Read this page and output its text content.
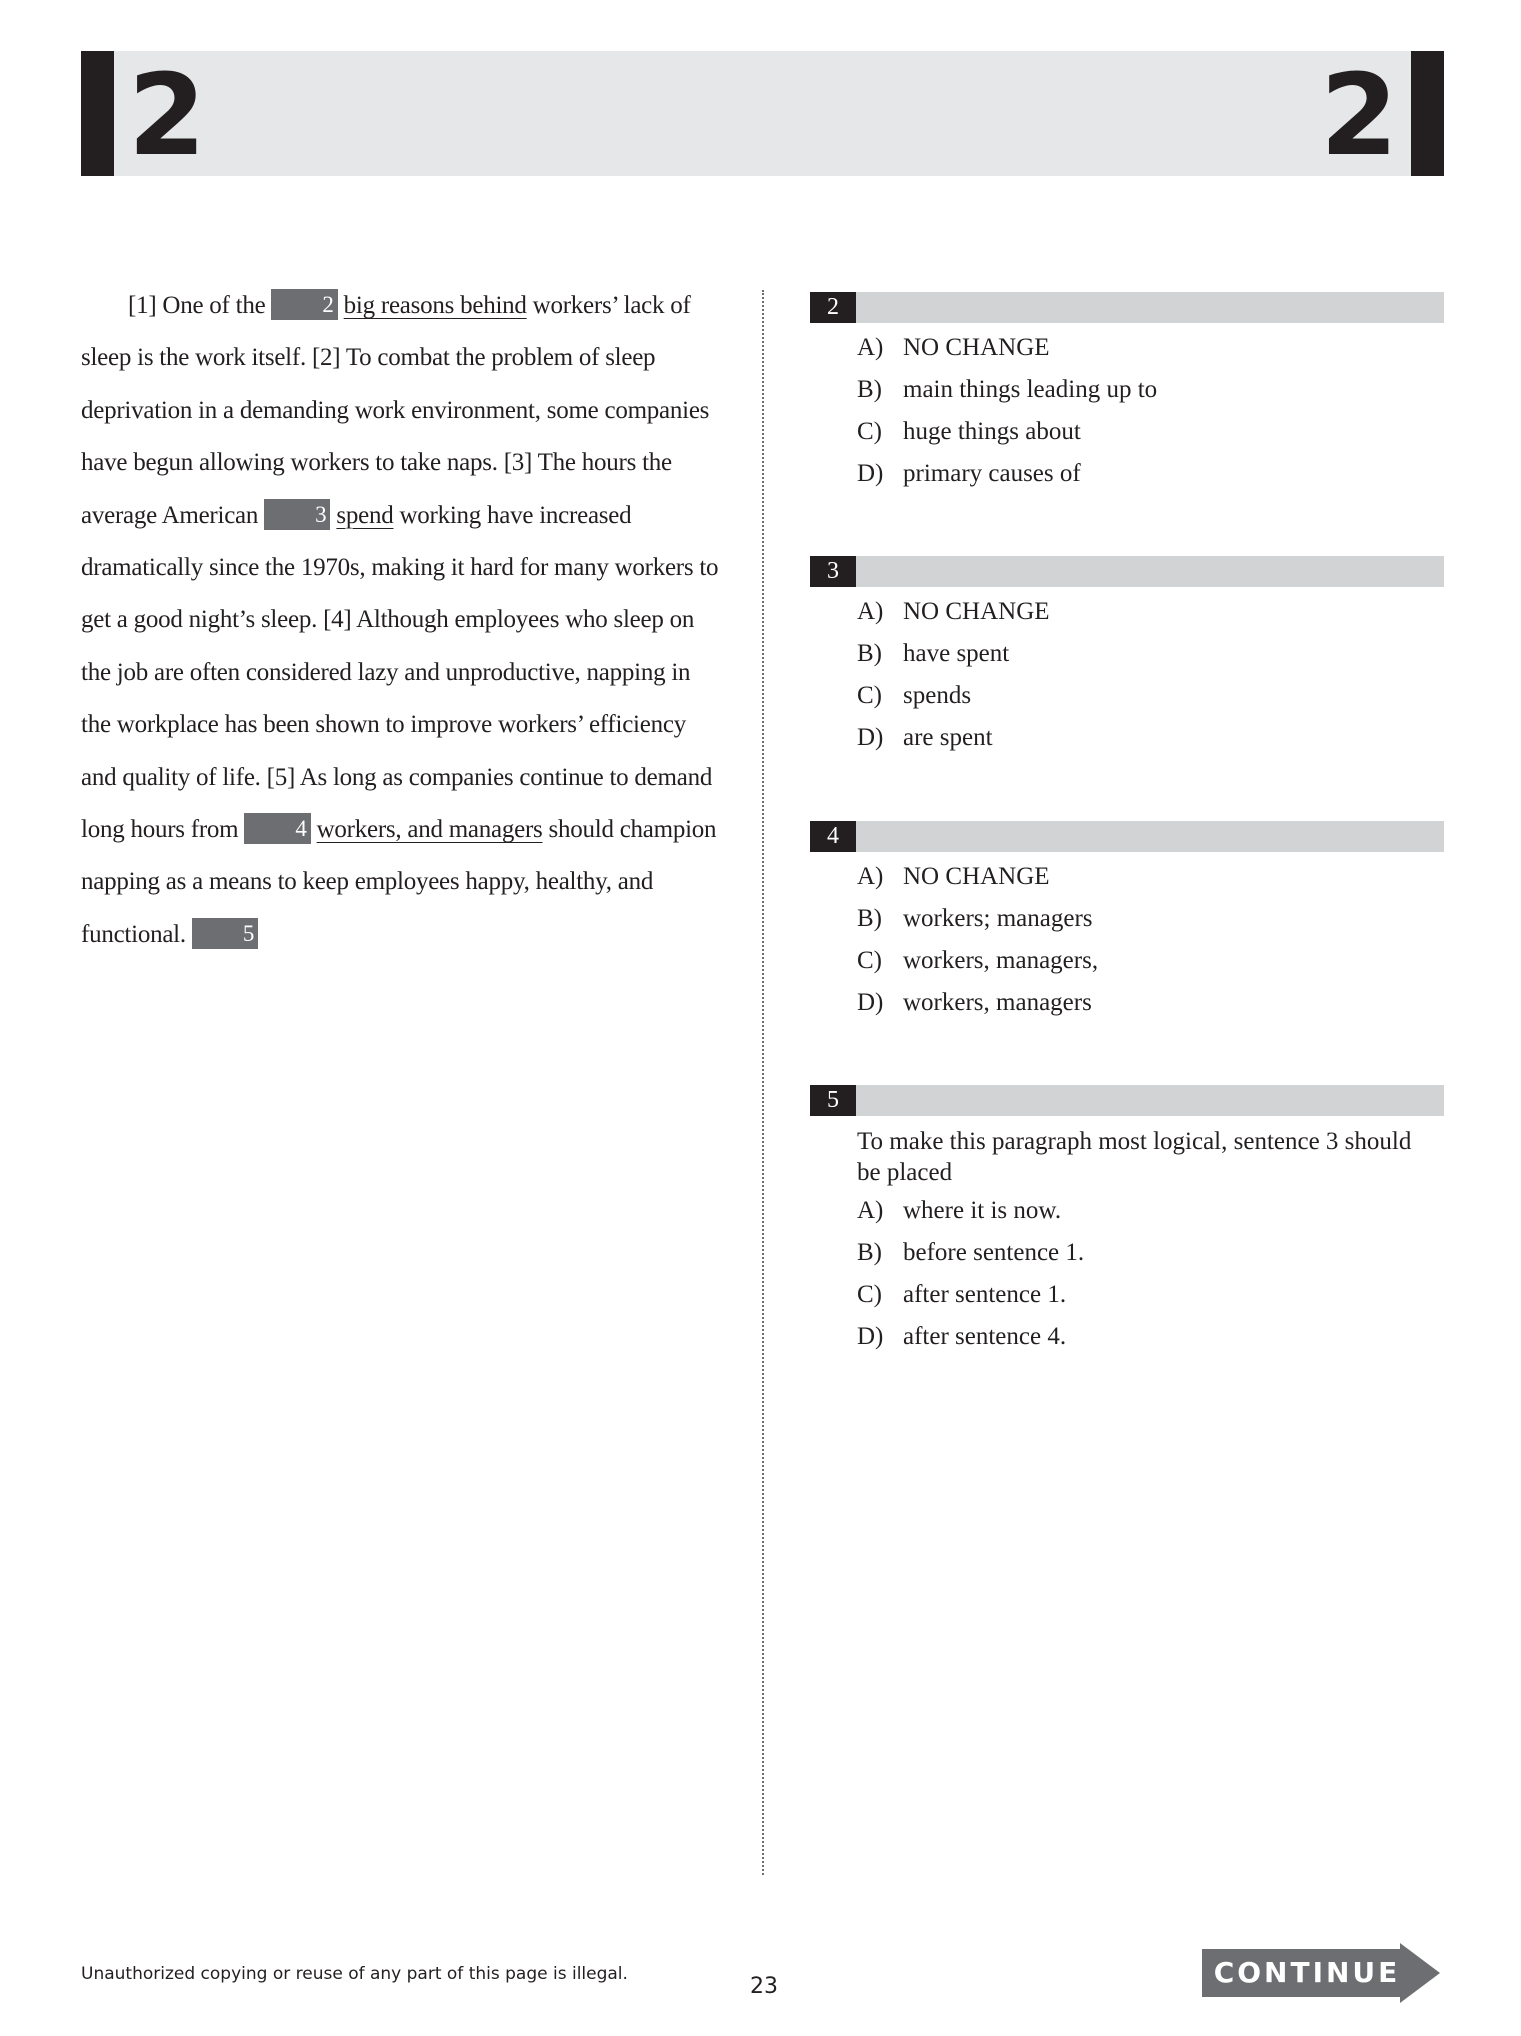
2	2

[1] One of the 2 big reasons behind workers’ lack of sleep is the work itself. [2] To combat the problem of sleep deprivation in a demanding work environment, some companies have begun allowing workers to take naps. [3] The hours the average American 3 spend working have increased dramatically since the 1970s, making it hard for many workers to get a good night’s sleep. [4] Although employees who sleep on the job are often considered lazy and unproductive, napping in the workplace has been shown to improve workers’ efficiency and quality of life. [5] As long as companies continue to demand long hours from 4 workers, and managers should champion napping as a means to keep employees happy, healthy, and functional. 5

2
A) NO CHANGE
B) main things leading up to
C) huge things about
D) primary causes of
3
A) NO CHANGE
B) have spent
C) spends
D) are spent
4
A) NO CHANGE
B) workers; managers
C) workers, managers,
D) workers, managers
5
To make this paragraph most logical, sentence 3 should be placed
A) where it is now.
B) before sentence 1.
C) after sentence 1.
D) after sentence 4.
Unauthorized copying or reuse of any part of this page is illegal.	23	CONTINUE
